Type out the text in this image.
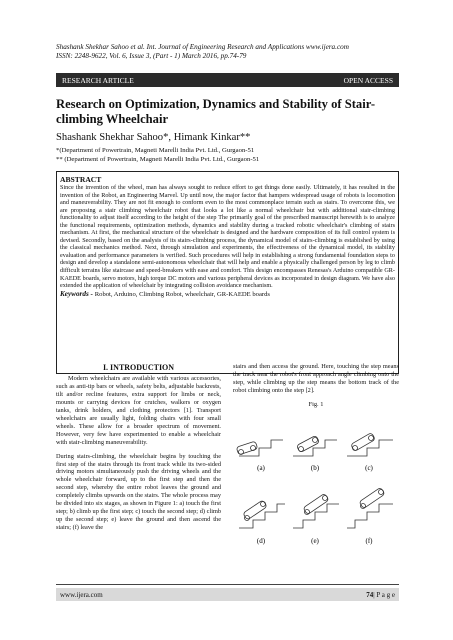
Shashank Shekhar Sahoo et al. Int. Journal of Engineering Research and Applications www.ijera.com
ISSN: 2248-9622, Vol. 6, Issue 3, (Part - 1) March 2016, pp.74-79
RESEARCH ARTICLE	OPEN ACCESS
Research on Optimization, Dynamics and Stability of Stair-climbing Wheelchair
Shashank Shekhar Sahoo*, Himank Kinkar**
*(Department of Powertrain, Magneti Marelli India Pvt. Ltd., Gurgaon-51
** (Department of Powertrain, Magneti Marelli India Pvt. Ltd., Gurgaon-51
ABSTRACT

Since the invention of the wheel, man has always sought to reduce effort to get things done easily. Ultimately, it has resulted in the invention of the Robot, an Engineering Marvel. Up until now, the major factor that hampers widespread usage of robots is locomotion and maneuverability. They are not fit enough to conform even to the most commonplace terrain such as stairs. To overcome this, we are proposing a stair climbing wheelchair robot that looks a lot like a normal wheelchair but with additional stair-climbing functionality to adjust itself according to the height of the step The primarily goal of the prescribed manuscript herewith is to analyze the functional requirements, optimization methods, dynamics and stability during a tracked robotic wheelchair's climbing of stairs mechanism. At first, the mechanical structure of the wheelchair is designed and the hardware composition of its full control system is devised. Secondly, based on the analysis of its stairs-climbing process, the dynamical model of stairs-climbing is established by using the classical mechanics method. Next, through simulation and experiments, the effectiveness of the dynamical model, its stability evaluation and performance parameters is verified. Such procedures will help in establishing a strong fundamental foundation steps to design and develop a standalone semi-autonomous wheelchair that will help and enable a physically challenged person by leg to climb difficult terrains like staircase and speed-breakers with ease and comfort. This design encompasses Renesas's Arduino compatible GR-KAEDE boards, servo motors, high torque DC motors and various peripheral devices as incorporated in design diagram. We have also extended the application of wheelchair by integrating collision avoidance mechanism.

Keywords - Robot, Arduino, Climbing Robot, wheelchair, GR-KAEDE boards
I. INTRODUCTION

Modern wheelchairs are available with various accessories, such as anti-tip bars or wheels, safety belts, adjustable backrests, tilt and/or recline features, extra support for limbs or neck, mounts or carrying devices for crutches, walkers or oxygen tanks, drink holders, and clothing protectors [1]. Transport wheelchairs are usually light, folding chairs with four small wheels. These allow for a broader spectrum of movement. However, very few have experimented to enable a wheelchair with stair-climbing maneuverability.

During stairs-climbing, the wheelchair begins by touching the first step of the stairs through its front track while its two-sided driving motors simultaneously push the driving wheels and the whole wheelchair forward, up to the first step and then the second step, whereby the entire robot leaves the ground and completely climbs upwards on the stairs. The whole process may be divided into six stages, as shown in Figure 1: a) touch the first step; b) climb up the first step; c) touch the second step; d) climb up the second step; e) leave the ground and then ascend the stairs; (f) leave the

stairs and then access the ground. Here, touching the step means the track near the robot's front approach angle climbing onto the step, while climbing up the step means the bottom track of the robot climbing onto the step [2].

Fig. 1
(a)	(b)	(c)
(d)	(e)	(f)
www.ijera.com	74| P a g e
